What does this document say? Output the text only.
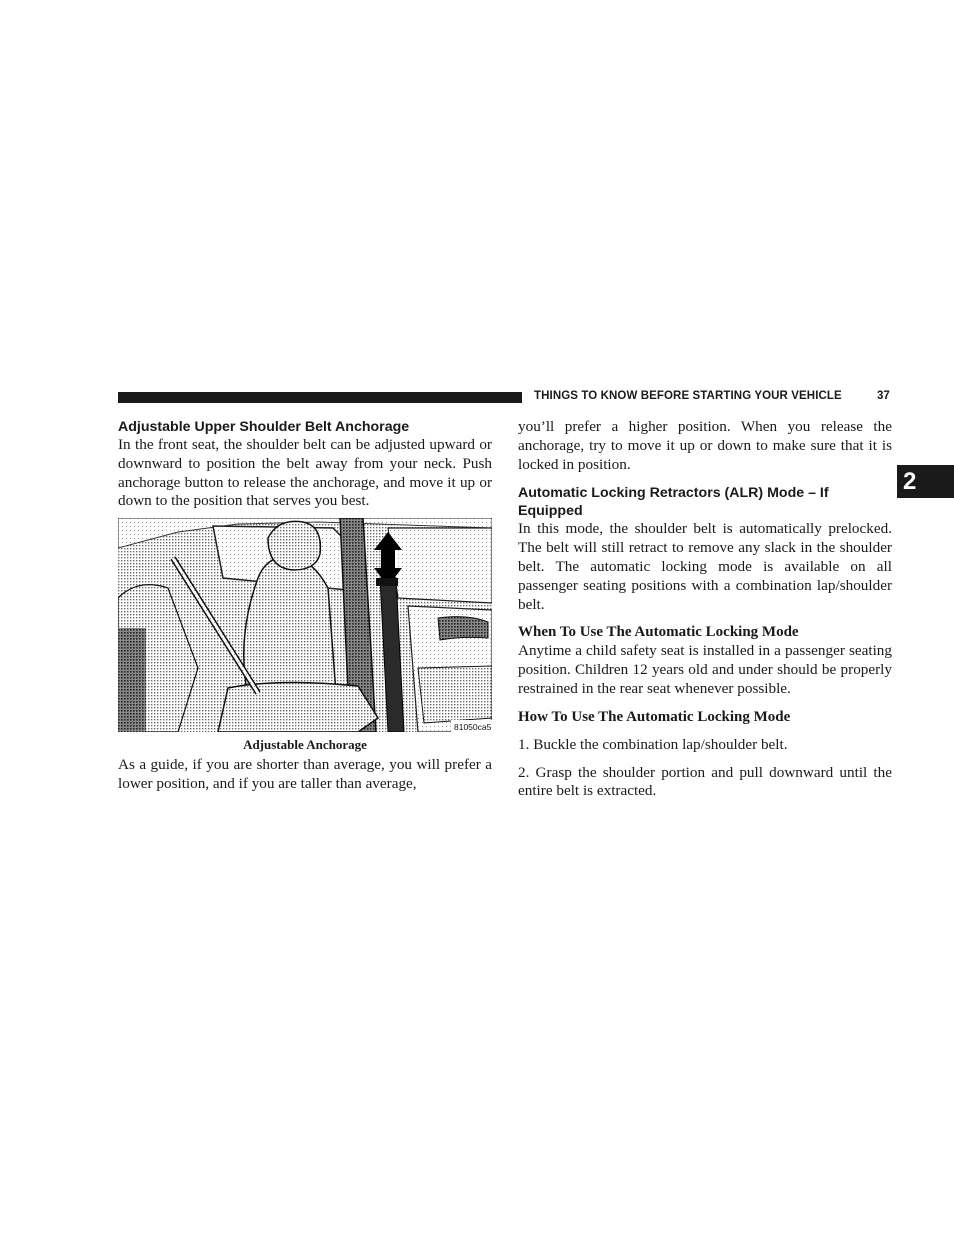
THINGS TO KNOW BEFORE STARTING YOUR VEHICLE	37
2
Adjustable Upper Shoulder Belt Anchorage

In the front seat, the shoulder belt can be adjusted upward or downward to position the belt away from your neck. Push anchorage button to release the anchorage, and move it up or down to the position that serves you best.

81050ca5
Adjustable Anchorage

As a guide, if you are shorter than average, you will prefer a lower position, and if you are taller than average,

you’ll prefer a higher position. When you release the anchorage, try to move it up or down to make sure that it is locked in position.

Automatic Locking Retractors (ALR) Mode – If Equipped

In this mode, the shoulder belt is automatically prelocked. The belt will still retract to remove any slack in the shoulder belt. The automatic locking mode is available on all passenger seating positions with a combination lap/shoulder belt.

When To Use The Automatic Locking Mode

Anytime a child safety seat is installed in a passenger seating position. Children 12 years old and under should be properly restrained in the rear seat whenever possible.

How To Use The Automatic Locking Mode

1. Buckle the combination lap/shoulder belt.

2. Grasp the shoulder portion and pull downward until the entire belt is extracted.
